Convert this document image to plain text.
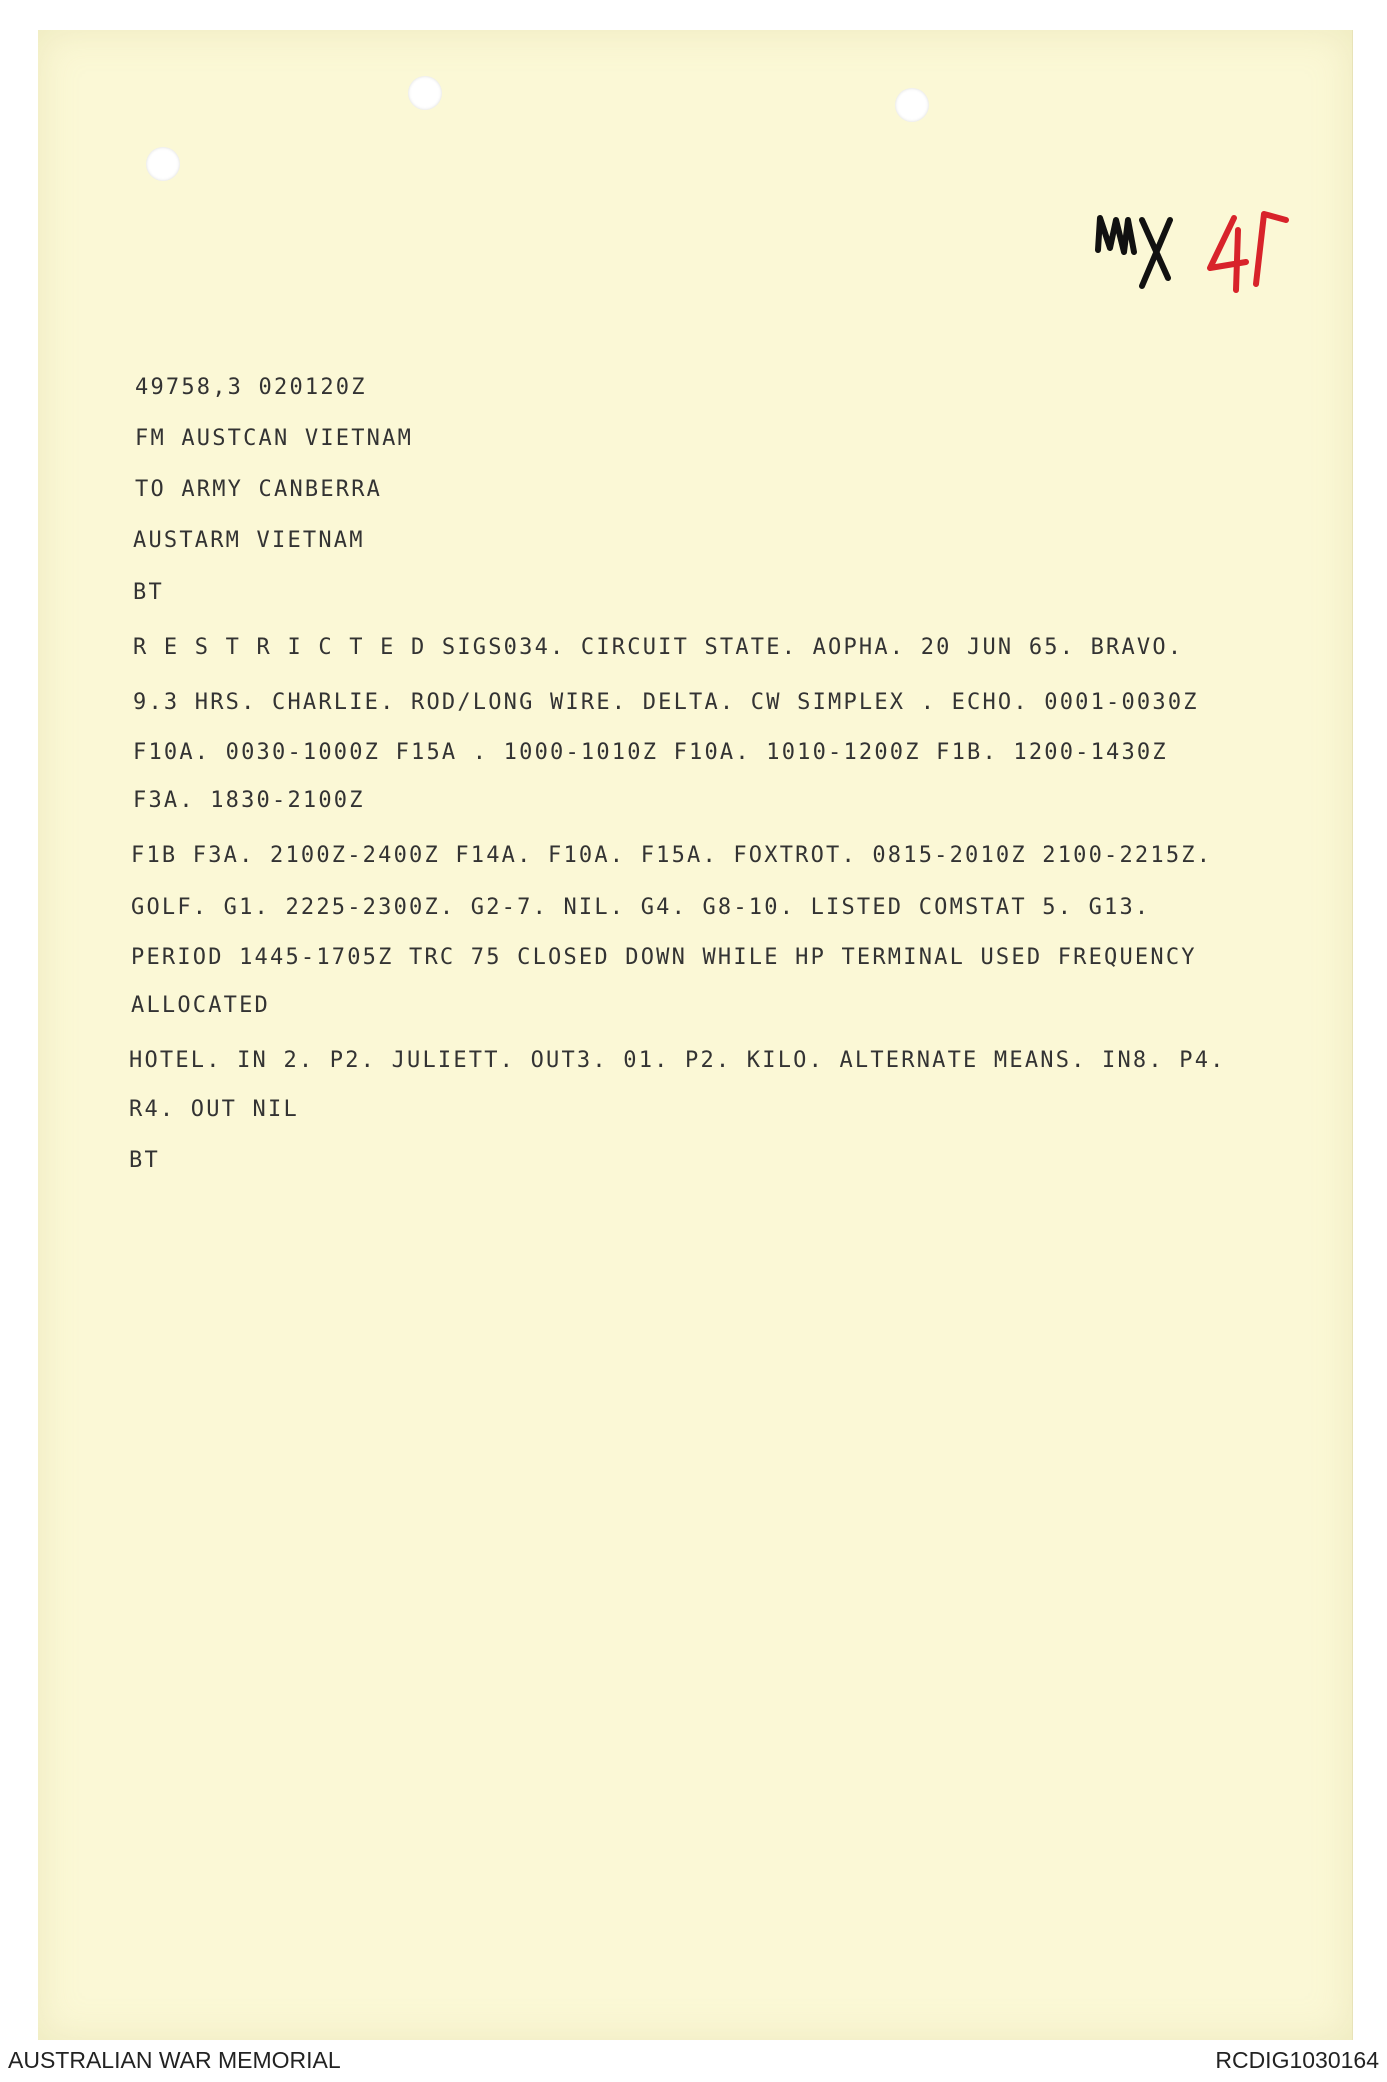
49758,3 020120Z

FM AUSTCAN VIETNAM

TO ARMY CANBERRA

AUSTARM VIETNAM

BT

R E S T R I C T E D SIGS034. CIRCUIT STATE. AOPHA. 20 JUN 65. BRAVO.

9.3 HRS. CHARLIE. ROD/LONG WIRE. DELTA. CW SIMPLEX . ECHO. 0001-0030Z

F10A. 0030-1000Z F15A . 1000-1010Z F10A. 1010-1200Z F1B. 1200-1430Z

F3A. 1830-2100Z

F1B F3A. 2100Z-2400Z F14A. F10A. F15A. FOXTROT. 0815-2010Z 2100-2215Z.

GOLF. G1. 2225-2300Z. G2-7. NIL. G4. G8-10. LISTED COMSTAT 5. G13.

PERIOD 1445-1705Z TRC 75 CLOSED DOWN WHILE HP TERMINAL USED FREQUENCY

ALLOCATED

HOTEL. IN 2. P2. JULIETT. OUT3. 01. P2. KILO. ALTERNATE MEANS. IN8. P4.

R4. OUT NIL

BT

AUSTRALIAN WAR MEMORIAL	RCDIG1030164
